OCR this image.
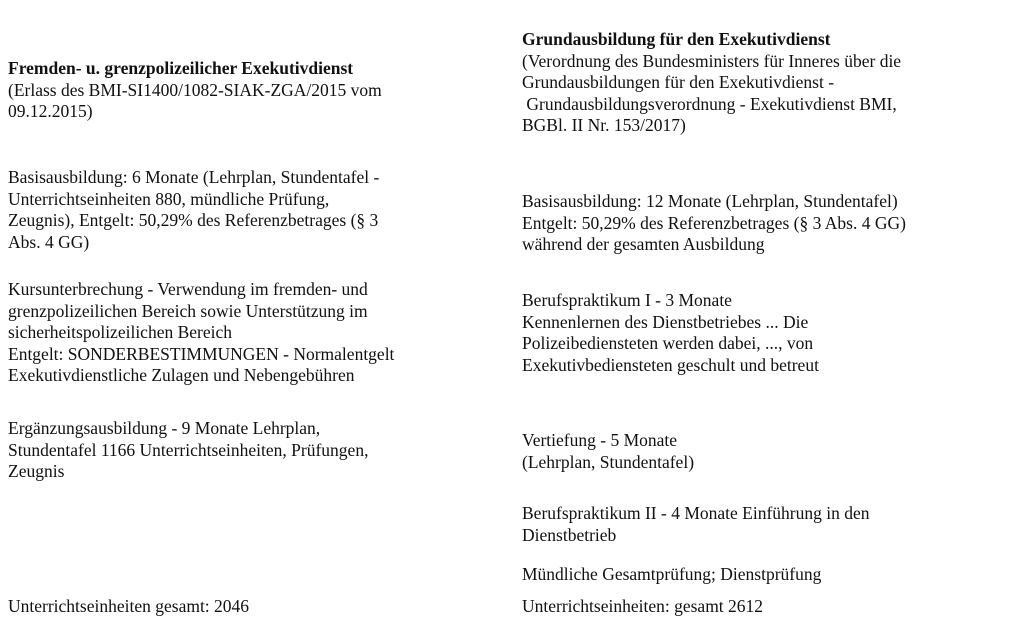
Fremden- u. grenzpolizeilicher Exekutivdienst
(Erlass des BMI-SI1400/1082-SIAK-ZGA/2015 vom
09.12.2015)
Basisausbildung: 6 Monate (Lehrplan, Stundentafel -
Unterrichtseinheiten 880, mündliche Prüfung,
Zeugnis), Entgelt: 50,29% des Referenzbetrages (§ 3
Abs. 4 GG)
Kursunterbrechung - Verwendung im fremden- und
grenzpolizeilichen Bereich sowie Unterstützung im
sicherheitspolizeilichen Bereich
Entgelt: SONDERBESTIMMUNGEN - Normalentgelt
Exekutivdienstliche Zulagen und Nebengebühren
Ergänzungsausbildung - 9 Monate Lehrplan,
Stundentafel 1166 Unterrichtseinheiten, Prüfungen,
Zeugnis
Unterrichtseinheiten gesamt: 2046
Grundausbildung für den Exekutivdienst
(Verordnung des Bundesministers für Inneres über die
Grundausbildungen für den Exekutivdienst -
Grundausbildungsverordnung - Exekutivdienst BMI,
BGBl. II Nr. 153/2017)
Basisausbildung: 12 Monate (Lehrplan, Stundentafel)
Entgelt: 50,29% des Referenzbetrages (§ 3 Abs. 4 GG)
während der gesamten Ausbildung
Berufspraktikum I - 3 Monate
Kennenlernen des Dienstbetriebes ... Die
Polizeibediensteten werden dabei, ..., von
Exekutivbediensteten geschult und betreut
Vertiefung - 5 Monate
(Lehrplan, Stundentafel)
Berufspraktikum II - 4 Monate Einführung in den
Dienstbetrieb
Mündliche Gesamtprüfung; Dienstprüfung
Unterrichtseinheiten: gesamt 2612
